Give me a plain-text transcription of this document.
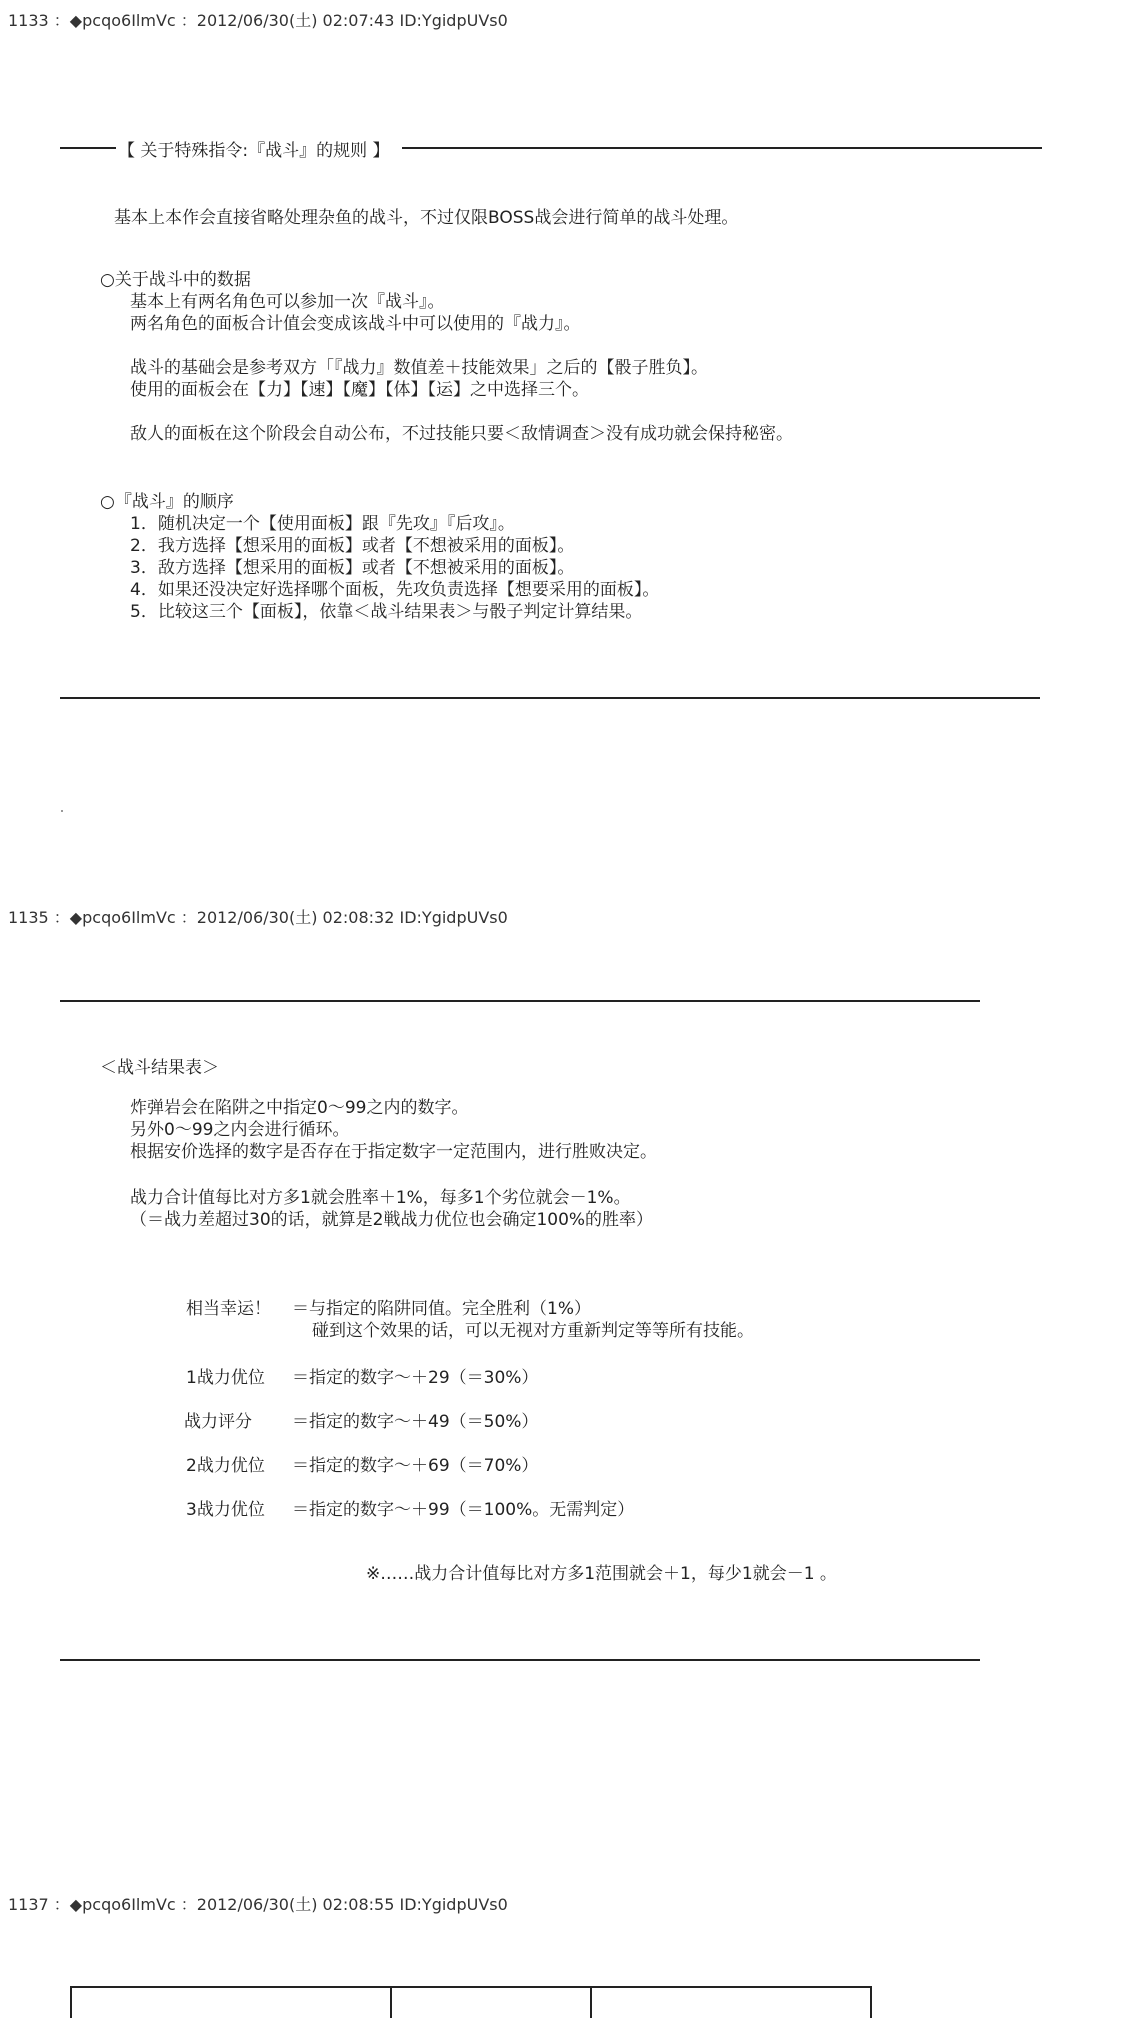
1133 ：◆pcqo6IlmVc ：2012/06/30(土) 02:07:43 ID:YgidpUVs0
【 关于特殊指令:『战斗』的规则 】
基本上本作会直接省略处理杂鱼的战斗，不过仅限BOSS战会进行简单的战斗处理。
○关于战斗中的数据
基本上有两名角色可以参加一次『战斗』。
两名角色的面板合计值会变成该战斗中可以使用的『战力』。
战斗的基础会是参考双方「『战力』数值差＋技能效果」之后的【骰子胜负】。
使用的面板会在【力】【速】【魔】【体】【运】之中选择三个。
敌人的面板在这个阶段会自动公布，不过技能只要＜敌情调查＞没有成功就会保持秘密。
○『战斗』的顺序
1．随机决定一个【使用面板】跟『先攻』『后攻』。
2．我方选择【想采用的面板】或者【不想被采用的面板】。
3．敌方选择【想采用的面板】或者【不想被采用的面板】。
4．如果还没决定好选择哪个面板，先攻负责选择【想要采用的面板】。
5．比较这三个【面板】，依靠＜战斗结果表＞与骰子判定计算结果。
1135 ：◆pcqo6IlmVc ：2012/06/30(土) 02:08:32 ID:YgidpUVs0
＜战斗结果表＞
炸弹岩会在陷阱之中指定0～99之内的数字。
另外0～99之内会进行循环。
根据安价选择的数字是否存在于指定数字一定范围内，进行胜败决定。
战力合计值每比对方多1就会胜率＋1%，每多1个劣位就会－1%。
（＝战力差超过30的话，就算是2戦战力优位也会确定100%的胜率）
相当幸运！ ＝与指定的陷阱同值。完全胜利（1%）
碰到这个效果的话，可以无视对方重新判定等等所有技能。
1战力优位 ＝指定的数字～＋29（＝30%）
战力评分 ＝指定的数字～＋49（＝50%）
2战力优位 ＝指定的数字～＋69（＝70%）
3战力优位 ＝指定的数字～＋99（＝100%。无需判定）
※……战力合计值每比对方多1范围就会＋1，每少1就会－1 。
1137 ：◆pcqo6IlmVc ：2012/06/30(土) 02:08:55 ID:YgidpUVs0
